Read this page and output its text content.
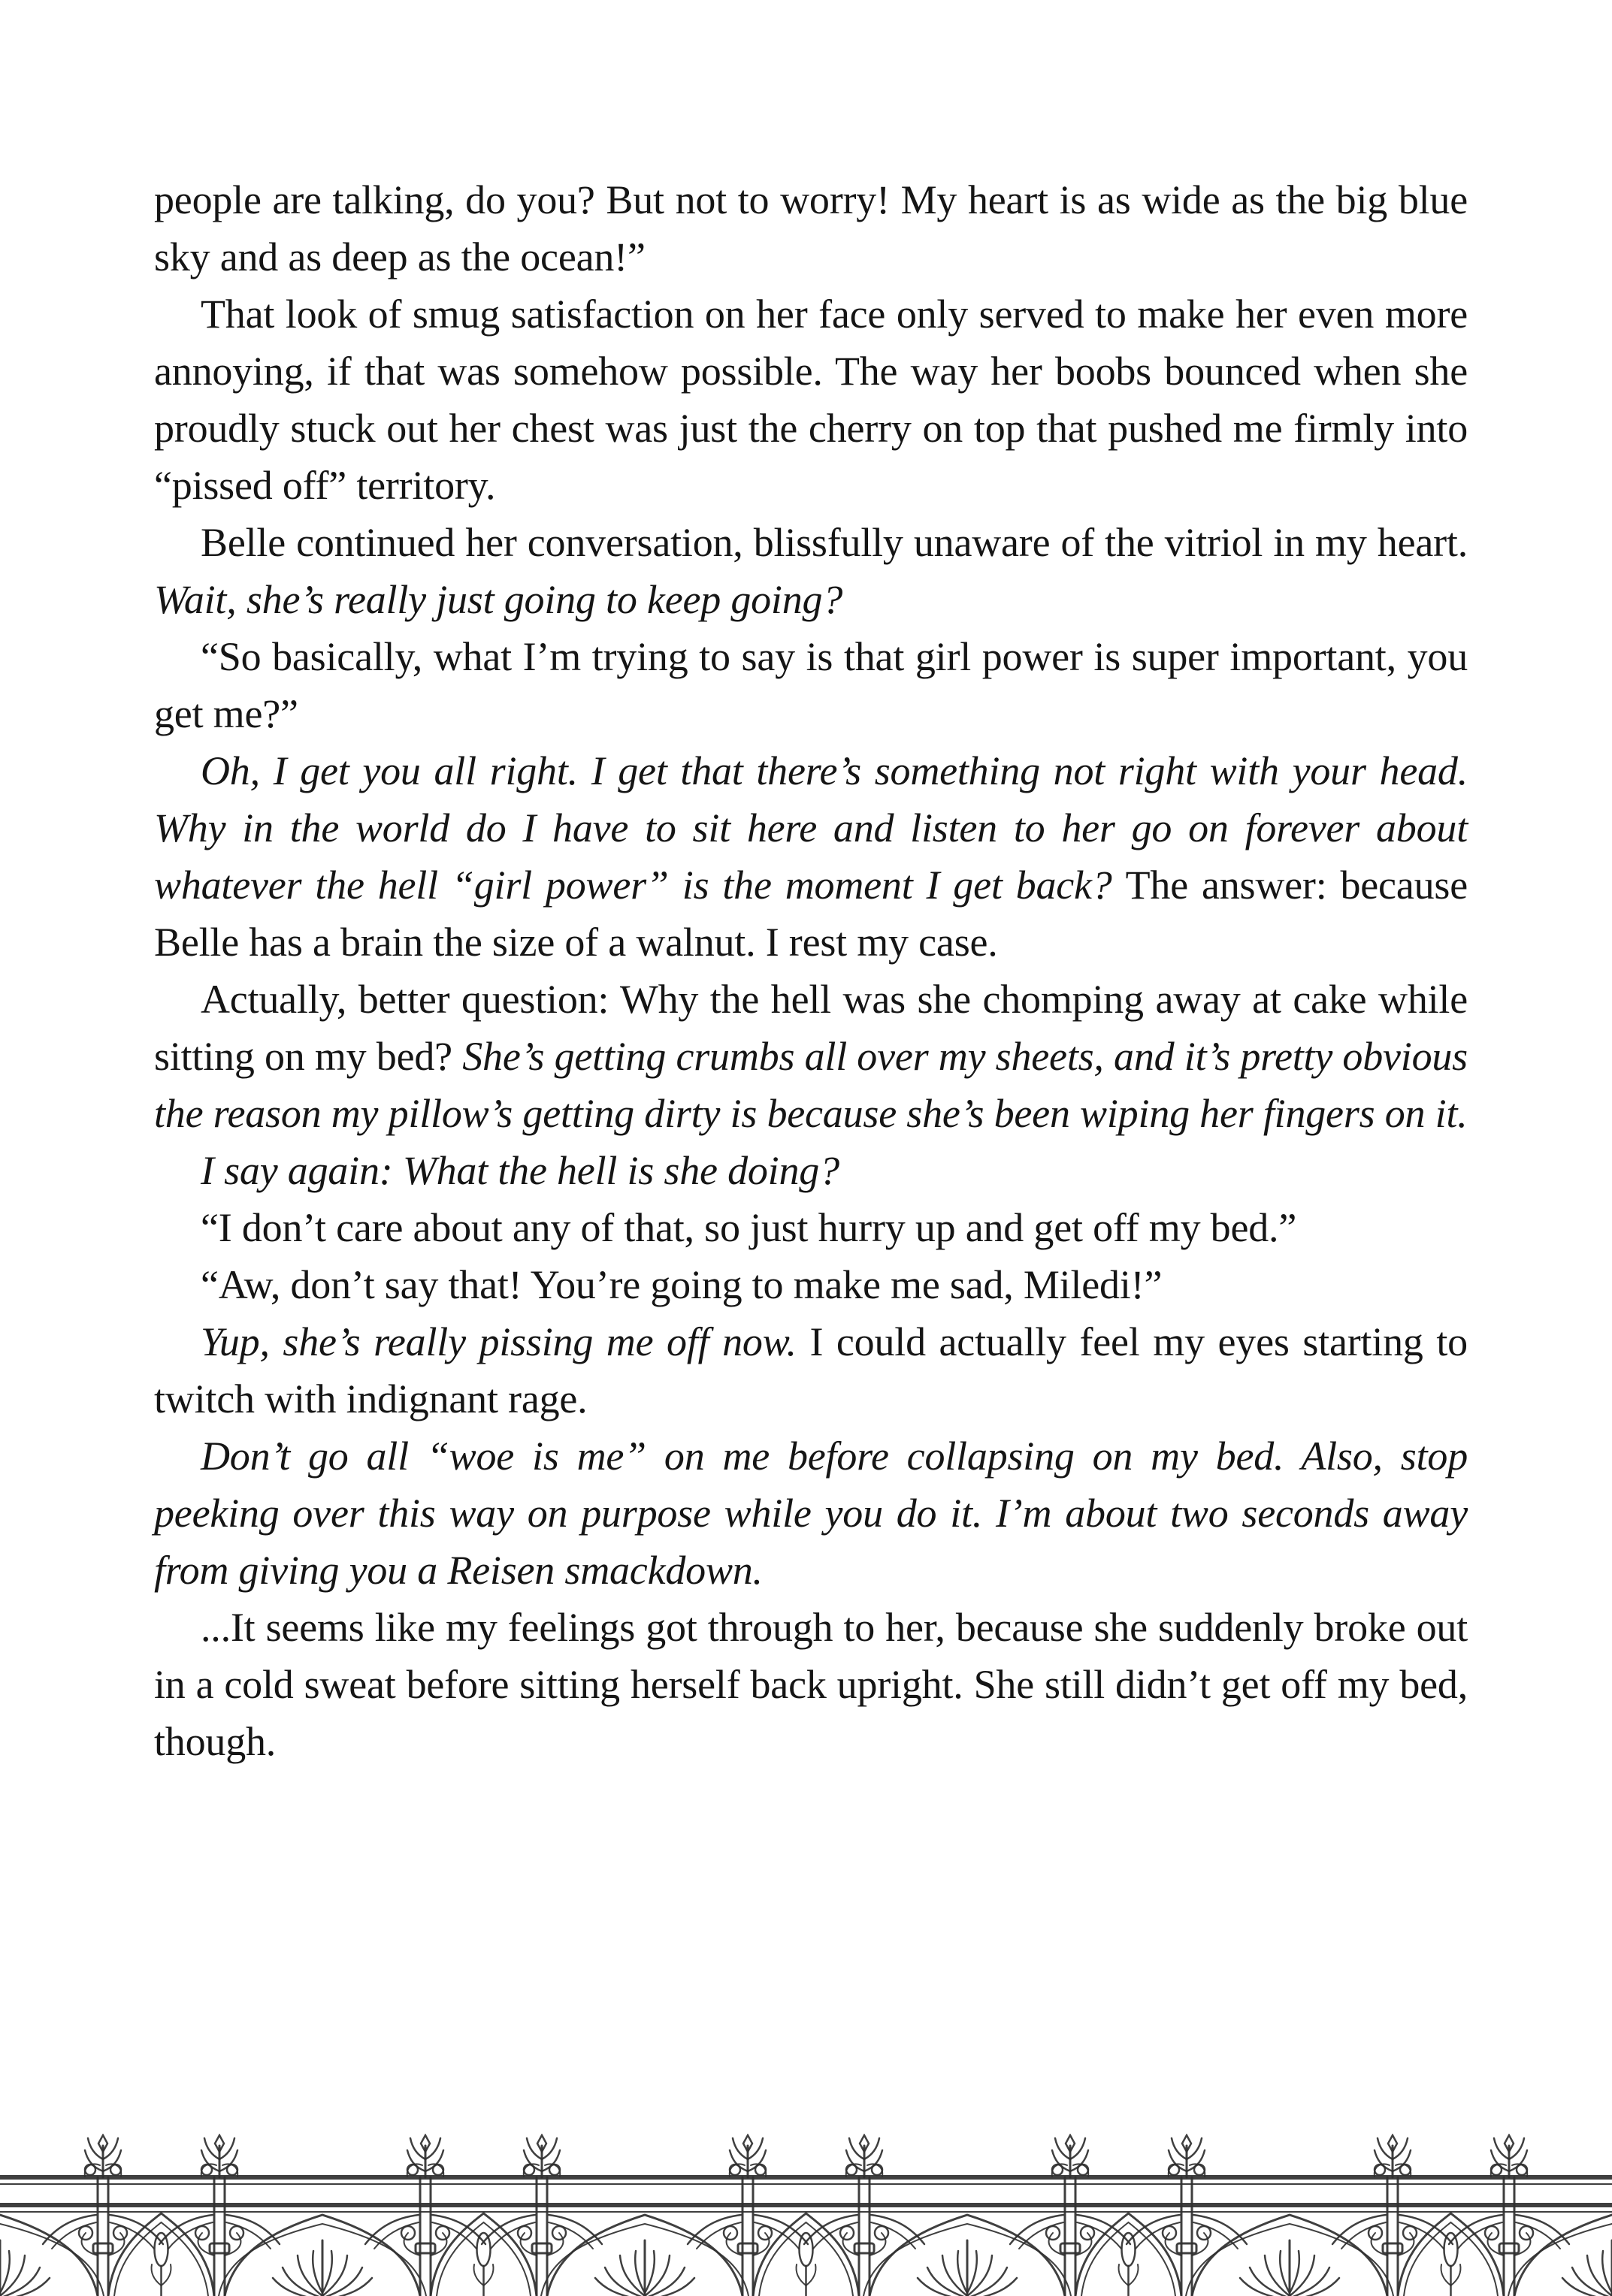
people are talking, do you? But not to worry! My heart is as wide as the big blue sky and as deep as the ocean!”

That look of smug satisfaction on her face only served to make her even more annoying, if that was somehow possible. The way her boobs bounced when she proudly stuck out her chest was just the cherry on top that pushed me firmly into “pissed off” territory.

Belle continued her conversation, blissfully unaware of the vitriol in my heart. Wait, she’s really just going to keep going?

“So basically, what I’m trying to say is that girl power is super important, you get me?”

Oh, I get you all right. I get that there’s something not right with your head. Why in the world do I have to sit here and listen to her go on forever about whatever the hell “girl power” is the moment I get back? The answer: because Belle has a brain the size of a walnut. I rest my case.

Actually, better question: Why the hell was she chomping away at cake while sitting on my bed? She’s getting crumbs all over my sheets, and it’s pretty obvious the reason my pillow’s getting dirty is because she’s been wiping her fingers on it.

I say again: What the hell is she doing?

“I don’t care about any of that, so just hurry up and get off my bed.”

“Aw, don’t say that! You’re going to make me sad, Miledi!”

Yup, she’s really pissing me off now. I could actually feel my eyes starting to twitch with indignant rage.

Don’t go all “woe is me” on me before collapsing on my bed. Also, stop peeking over this way on purpose while you do it. I’m about two seconds away from giving you a Reisen smackdown.

...It seems like my feelings got through to her, because she suddenly broke out in a cold sweat before sitting herself back upright. She still didn’t get off my bed, though.
